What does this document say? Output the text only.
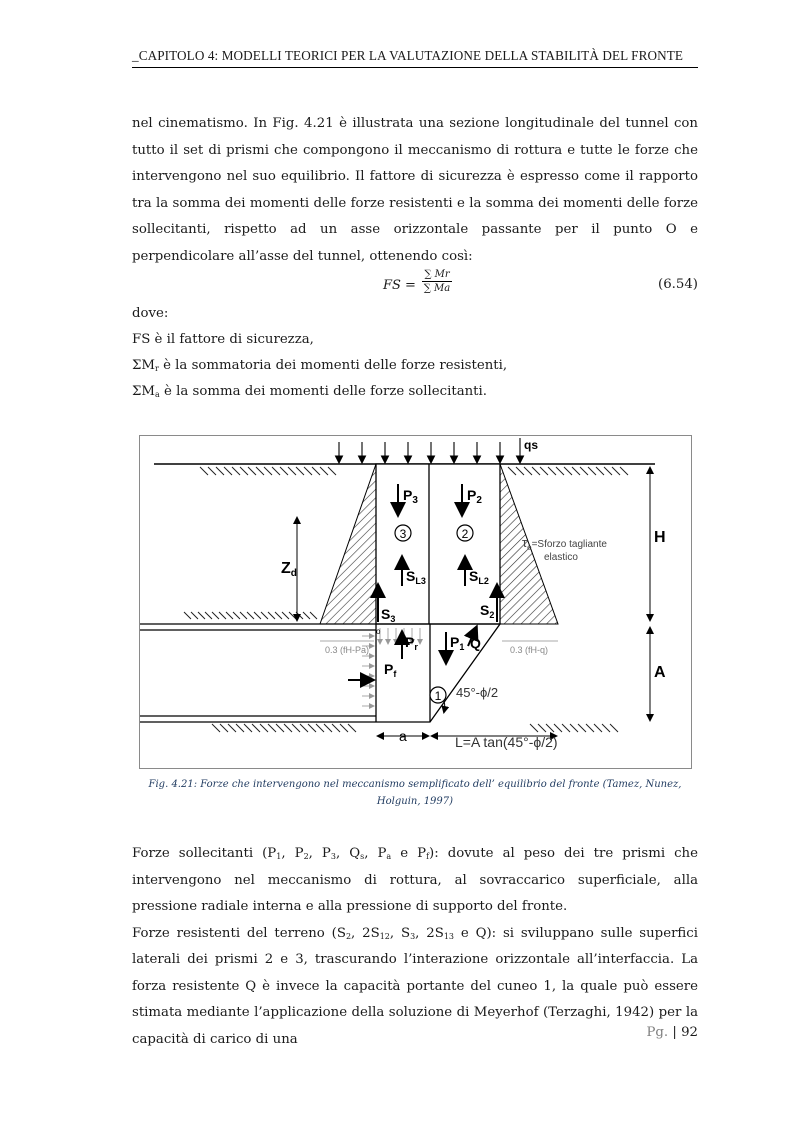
_CAPITOLO 4: MODELLI TEORICI PER LA VALUTAZIONE DELLA STABILITÀ DEL FRONTE
nel cinematismo. In Fig. 4.21 è illustrata una sezione longitudinale del tunnel con tutto il set di prismi che compongono il meccanismo di rottura e tutte le forze che intervengono nel suo equilibrio. Il fattore di sicurezza è espresso come il rapporto tra la somma dei momenti delle forze resistenti e la somma dei momenti delle forze sollecitanti, rispetto ad un asse orizzontale passante per il punto O e perpendicolare all’asse del tunnel, ottenendo così:
FS = $\frac{\sum Mr}{\sum Ma}$	(6.54)
dove:
FS è il fattore di sicurezza,
$\Sigma M_r$ è la sommatoria dei momenti delle forze resistenti,
$\Sigma M_a$ è la somma dei momenti delle forze sollecitanti.
qs
0.3 (fH-Pa)	0.3 (fH-q)
H
A
Zd
$P_3$	$P_2$
3	2
$S_{L3}$	$S_{L2}$
$S_3$
$S_2$
o
$P_r$ $P_1$ Q
$P_f$
1 45°-ϕ/2
a	L=A tan(45°-ϕ/2)
$\tau_e=Sforzo$ tagliante
elastico
Fig. 4.21: Forze che intervengono nel meccanismo semplificato dell’ equilibrio del fronte (Tamez, Nunez, Holguin, 1997)
Forze sollecitanti ($P_1$, $P_2$, $P_3$, $Q_s$, $P_a$ e $P_f$): dovute al peso dei tre prismi che intervengono nel meccanismo di rottura, al sovraccarico superficiale, alla pressione radiale interna e alla pressione di supporto del fronte.
Forze resistenti del terreno ($S_2$, $2S_{12}$, $S_3$, $2S_{13}$ e Q): si sviluppano sulle superfici laterali dei prismi 2 e 3, trascurando l’interazione orizzontale all’interfaccia. La forza resistente Q è invece la capacità portante del cuneo 1, la quale può essere stimata mediante l’applicazione della soluzione di Meyerhof (Terzaghi, 1942) per la capacità di carico di una	Pg. | 92
